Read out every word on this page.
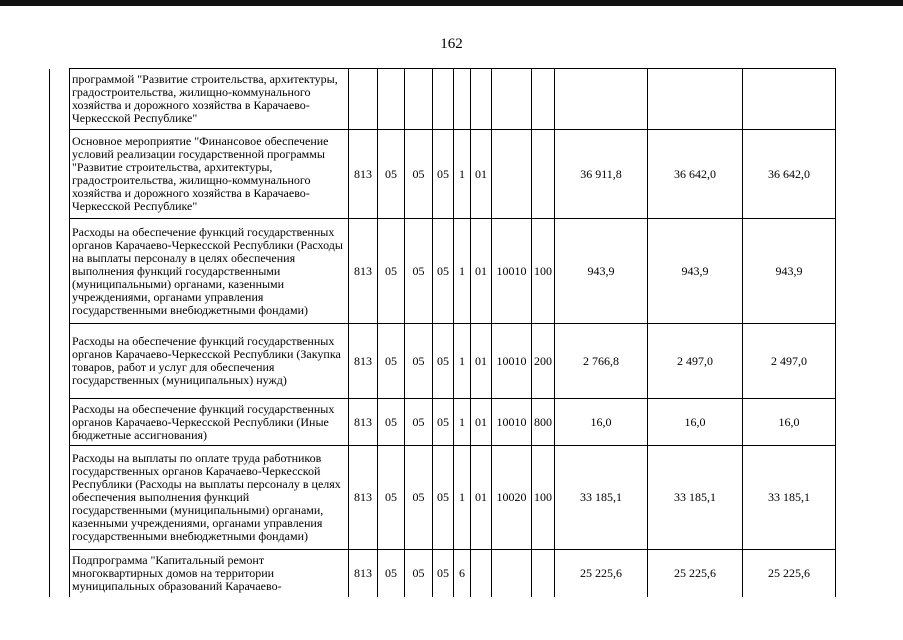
162
	программой "Развитие строительства, архитектуры, градостроительства, жилищно-коммунального хозяйства и дорожного хозяйства в Карачаево-Черкесской Республике"											
	Основное мероприятие "Финансовое обеспечение условий реализации государственной программы "Развитие строительства, архитектуры, градостроительства, жилищно-коммунального хозяйства и дорожного хозяйства в Карачаево-Черкесской Республике"	813	05	05	05	1	01			36 911,8	36 642,0	36 642,0
	Расходы на обеспечение функций государственных органов Карачаево-Черкесской Республики (Расходы на выплаты персоналу в целях обеспечения выполнения функций государственными (муниципальными) органами, казенными учреждениями, органами управления государственными внебюджетными фондами)	813	05	05	05	1	01	10010	100	943,9	943,9	943,9
	Расходы на обеспечение функций государственных органов Карачаево-Черкесской Республики (Закупка товаров, работ и услуг для обеспечения государственных (муниципальных) нужд)	813	05	05	05	1	01	10010	200	2 766,8	2 497,0	2 497,0
	Расходы на обеспечение функций государственных органов Карачаево-Черкесской Республики (Иные бюджетные ассигнования)	813	05	05	05	1	01	10010	800	16,0	16,0	16,0
	Расходы на выплаты по оплате труда работников государственных органов Карачаево-Черкесской Республики (Расходы на выплаты персоналу в целях обеспечения выполнения функций государственными (муниципальными) органами, казенными учреждениями, органами управления государственными внебюджетными фондами)	813	05	05	05	1	01	10020	100	33 185,1	33 185,1	33 185,1
	Подпрограмма "Капитальный ремонт многоквартирных домов на территории муниципальных образований Карачаево-	813	05	05	05	6				25 225,6	25 225,6	25 225,6
